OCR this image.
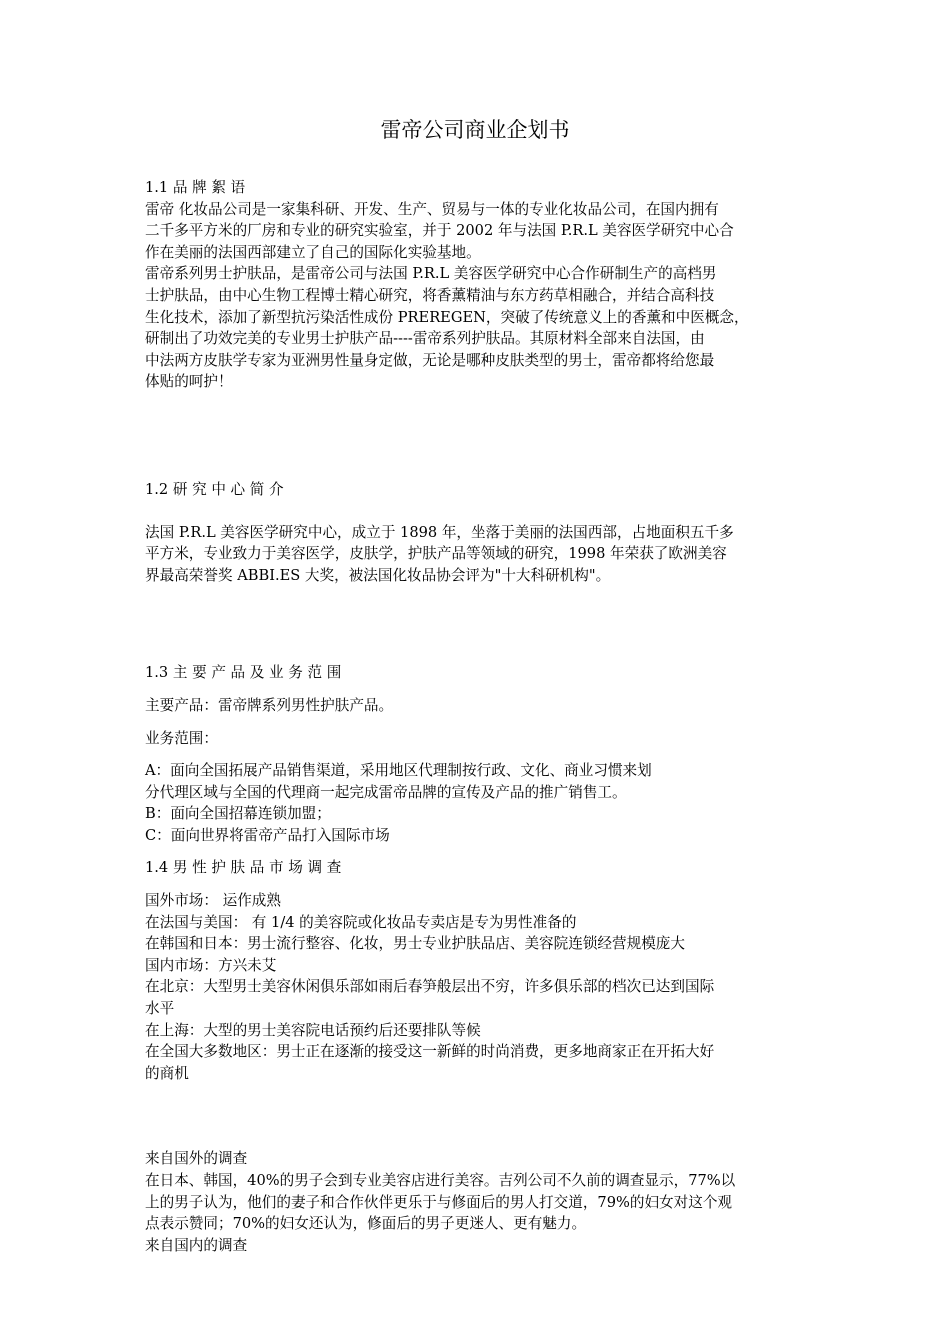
雷帝公司商业企划书

1.1 品 牌 絮 语

雷帝 化妆品公司是一家集科研、开发、生产、贸易与一体的专业化妆品公司，在国内拥有

二千多平方米的厂房和专业的研究实验室，并于 2002 年与法国 P.R.L 美容医学研究中心合

作在美丽的法国西部建立了自己的国际化实验基地。

雷帝系列男士护肤品，是雷帝公司与法国 P.R.L 美容医学研究中心合作研制生产的高档男

士护肤品，由中心生物工程博士精心研究，将香薰精油与东方药草相融合，并结合高科技

生化技术，添加了新型抗污染活性成份 PREREGEN，突破了传统意义上的香薰和中医概念，

研制出了功效完美的专业男士护肤产品----雷帝系列护肤品。其原材料全部来自法国，由

中法两方皮肤学专家为亚洲男性量身定做，无论是哪种皮肤类型的男士，雷帝都将给您最

体贴的呵护！

1.2 研 究 中 心 简 介

法国 P.R.L 美容医学研究中心，成立于 1898 年，坐落于美丽的法国西部，占地面积五千多

平方米，专业致力于美容医学，皮肤学，护肤产品等领域的研究，1998 年荣获了欧洲美容

界最高荣誉奖 ABBI.ES 大奖，被法国化妆品协会评为"十大科研机构"。

1.3 主 要 产 品 及 业 务 范 围

主要产品：雷帝牌系列男性护肤产品。

业务范围：

A：面向全国拓展产品销售渠道，采用地区代理制按行政、文化、商业习惯来划

分代理区域与全国的代理商一起完成雷帝品牌的宣传及产品的推广销售工。

B：面向全国招幕连锁加盟；

C：面向世界将雷帝产品打入国际市场

1.4 男 性 护 肤 品 市 场 调 查

国外市场： 运作成熟

在法国与美国： 有 1/4 的美容院或化妆品专卖店是专为男性准备的

在韩国和日本：男士流行整容、化妆，男士专业护肤品店、美容院连锁经营规模庞大

国内市场：方兴未艾

在北京：大型男士美容休闲俱乐部如雨后春笋般层出不穷，许多俱乐部的档次已达到国际

水平

在上海：大型的男士美容院电话预约后还要排队等候

在全国大多数地区：男士正在逐渐的接受这一新鲜的时尚消费，更多地商家正在开拓大好

的商机

来自国外的调查

在日本、韩国，40%的男子会到专业美容店进行美容。吉列公司不久前的调查显示，77%以

上的男子认为，他们的妻子和合作伙伴更乐于与修面后的男人打交道，79%的妇女对这个观

点表示赞同；70%的妇女还认为，修面后的男子更迷人、更有魅力。

来自国内的调查
